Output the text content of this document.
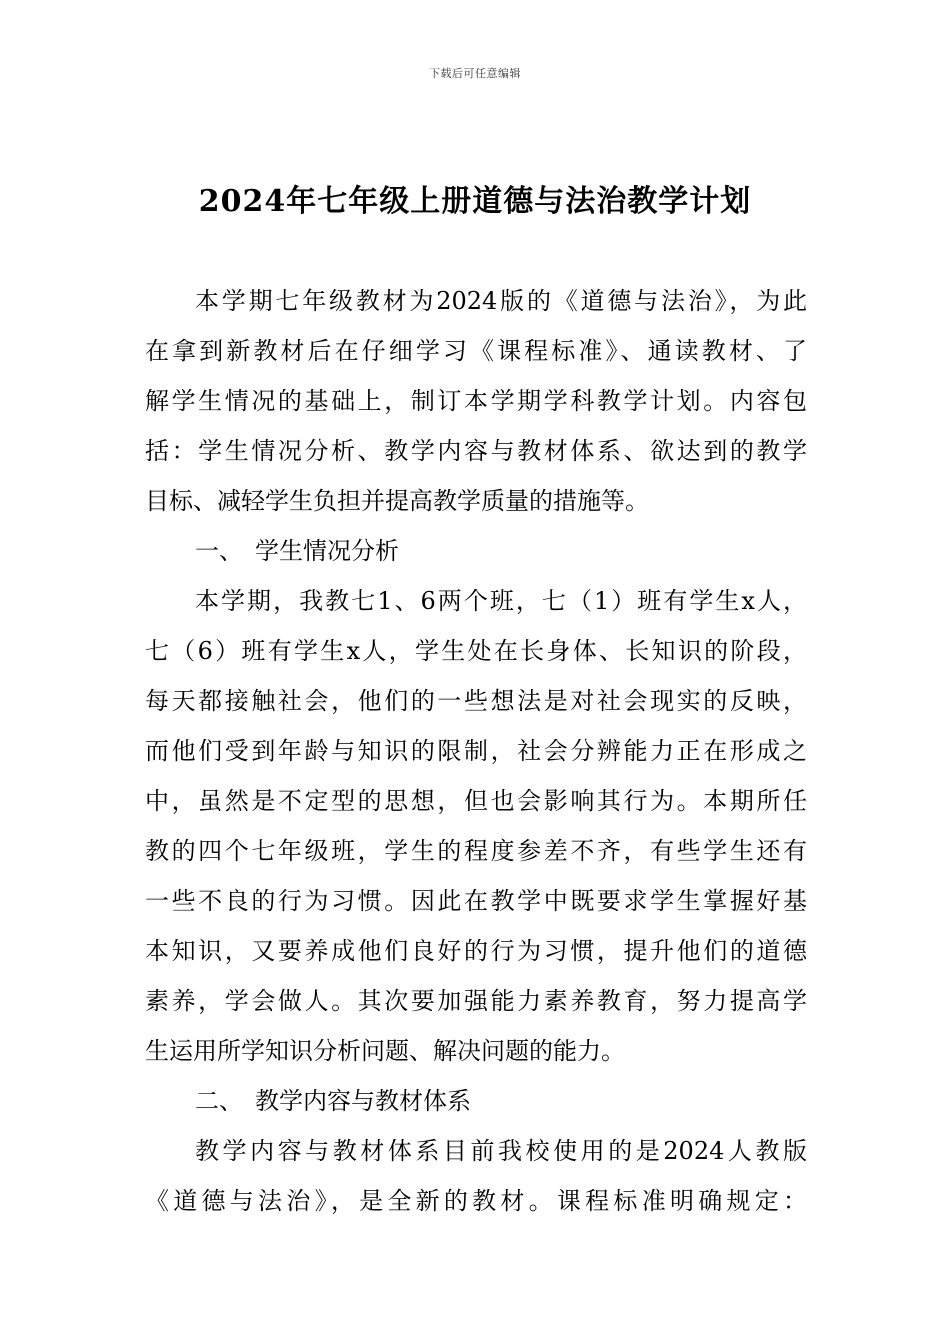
下载后可任意编辑
2024年七年级上册道德与法治教学计划
本学期七年级教材为2024版的《道德与法治》，为此
在拿到新教材后在仔细学习《课程标准》、通读教材、了
解学生情况的基础上，制订本学期学科教学计划。内容包
括：学生情况分析、教学内容与教材体系、欲达到的教学
目标、减轻学生负担并提高教学质量的措施等。
一、 学生情况分析
本学期，我教七1、6两个班，七（1）班有学生x人，
七（6）班有学生x人，学生处在长身体、长知识的阶段，
每天都接触社会，他们的一些想法是对社会现实的反映，
而他们受到年龄与知识的限制，社会分辨能力正在形成之
中，虽然是不定型的思想，但也会影响其行为。本期所任
教的四个七年级班，学生的程度参差不齐，有些学生还有
一些不良的行为习惯。因此在教学中既要求学生掌握好基
本知识，又要养成他们良好的行为习惯，提升他们的道德
素养，学会做人。其次要加强能力素养教育，努力提高学
生运用所学知识分析问题、解决问题的能力。
二、 教学内容与教材体系
教学内容与教材体系目前我校使用的是2024人教版
《道德与法治》，是全新的教材。课程标准明确规定：
